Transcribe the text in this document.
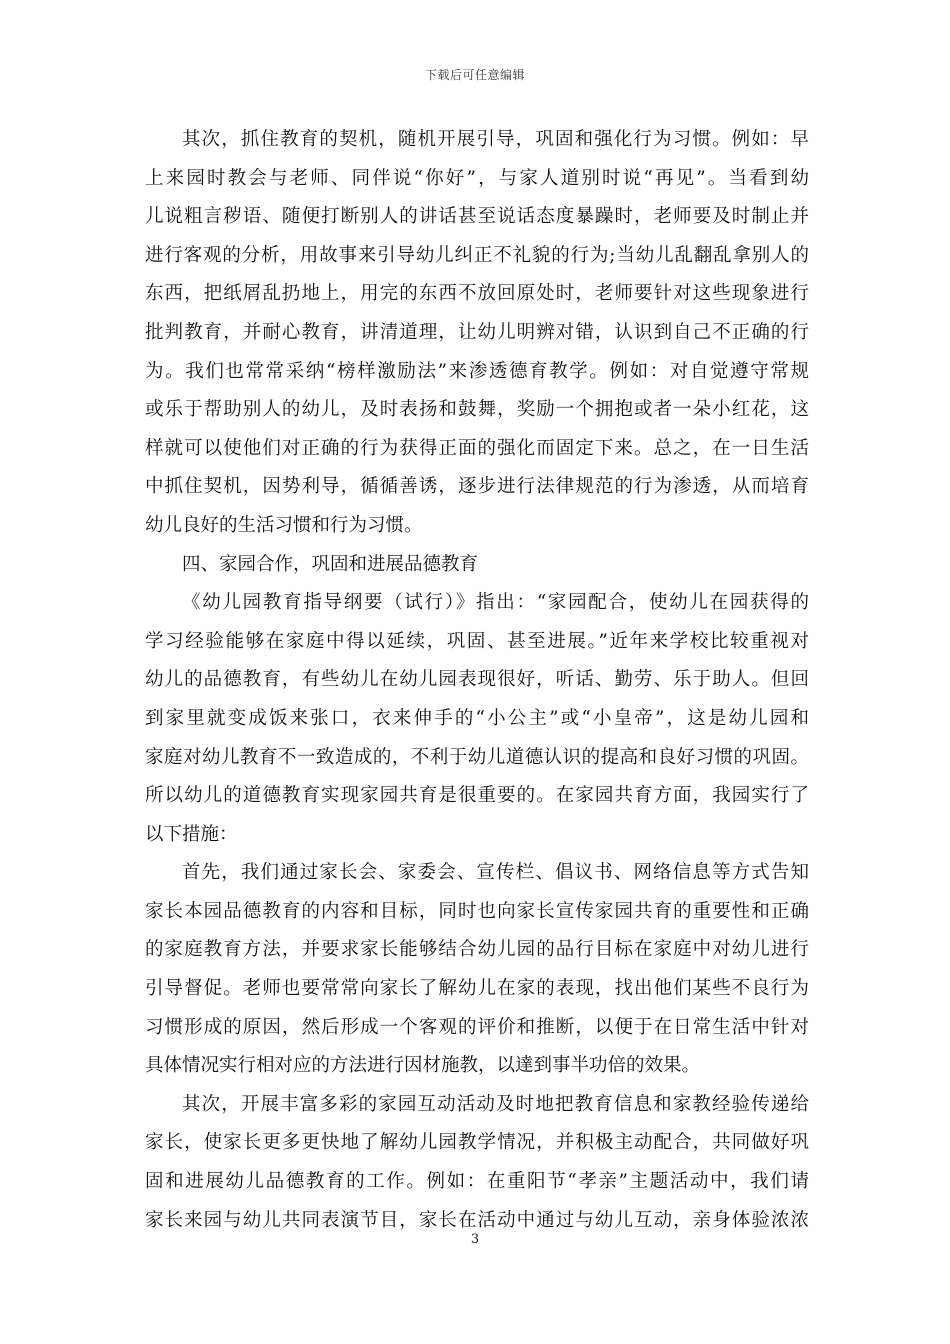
下载后可任意编辑
其次，抓住教育的契机，随机开展引导，巩固和强化行为习惯。例如：早
上来园时教会与老师、同伴说“你好”，与家人道别时说“再见”。当看到幼
儿说粗言秽语、随便打断别人的讲话甚至说话态度暴躁时，老师要及时制止并
进行客观的分析，用故事来引导幼儿纠正不礼貌的行为;当幼儿乱翻乱拿别人的
东西，把纸屑乱扔地上，用完的东西不放回原处时，老师要针对这些现象进行
批判教育，并耐心教育，讲清道理，让幼儿明辨对错，认识到自己不正确的行
为。我们也常常采纳“榜样激励法”来渗透德育教学。例如：对自觉遵守常规
或乐于帮助别人的幼儿，及时表扬和鼓舞，奖励一个拥抱或者一朵小红花，这
样就可以使他们对正确的行为获得正面的强化而固定下来。总之，在一日生活
中抓住契机，因势利导，循循善诱，逐步进行法律规范的行为渗透，从而培育
幼儿良好的生活习惯和行为习惯。
四、家园合作，巩固和进展品德教育
《幼儿园教育指导纲要（试行）》指出：“家园配合，使幼儿在园获得的
学习经验能够在家庭中得以延续，巩固、甚至进展。”近年来学校比较重视对
幼儿的品德教育，有些幼儿在幼儿园表现很好，听话、勤劳、乐于助人。但回
到家里就变成饭来张口，衣来伸手的“小公主”或“小皇帝”，这是幼儿园和
家庭对幼儿教育不一致造成的，不利于幼儿道德认识的提高和良好习惯的巩固。
所以幼儿的道德教育实现家园共育是很重要的。在家园共育方面，我园实行了
以下措施：
首先，我们通过家长会、家委会、宣传栏、倡议书、网络信息等方式告知
家长本园品德教育的内容和目标，同时也向家长宣传家园共育的重要性和正确
的家庭教育方法，并要求家长能够结合幼儿园的品行目标在家庭中对幼儿进行
引导督促。老师也要常常向家长了解幼儿在家的表现，找出他们某些不良行为
习惯形成的原因，然后形成一个客观的评价和推断，以便于在日常生活中针对
具体情况实行相对应的方法进行因材施教，以達到事半功倍的效果。
其次，开展丰富多彩的家园互动活动及时地把教育信息和家教经验传递给
家长，使家长更多更快地了解幼儿园教学情况，并积极主动配合，共同做好巩
固和进展幼儿品德教育的工作。例如：在重阳节“孝亲”主题活动中，我们请
家长来园与幼儿共同表演节目，家长在活动中通过与幼儿互动，亲身体验浓浓
3
